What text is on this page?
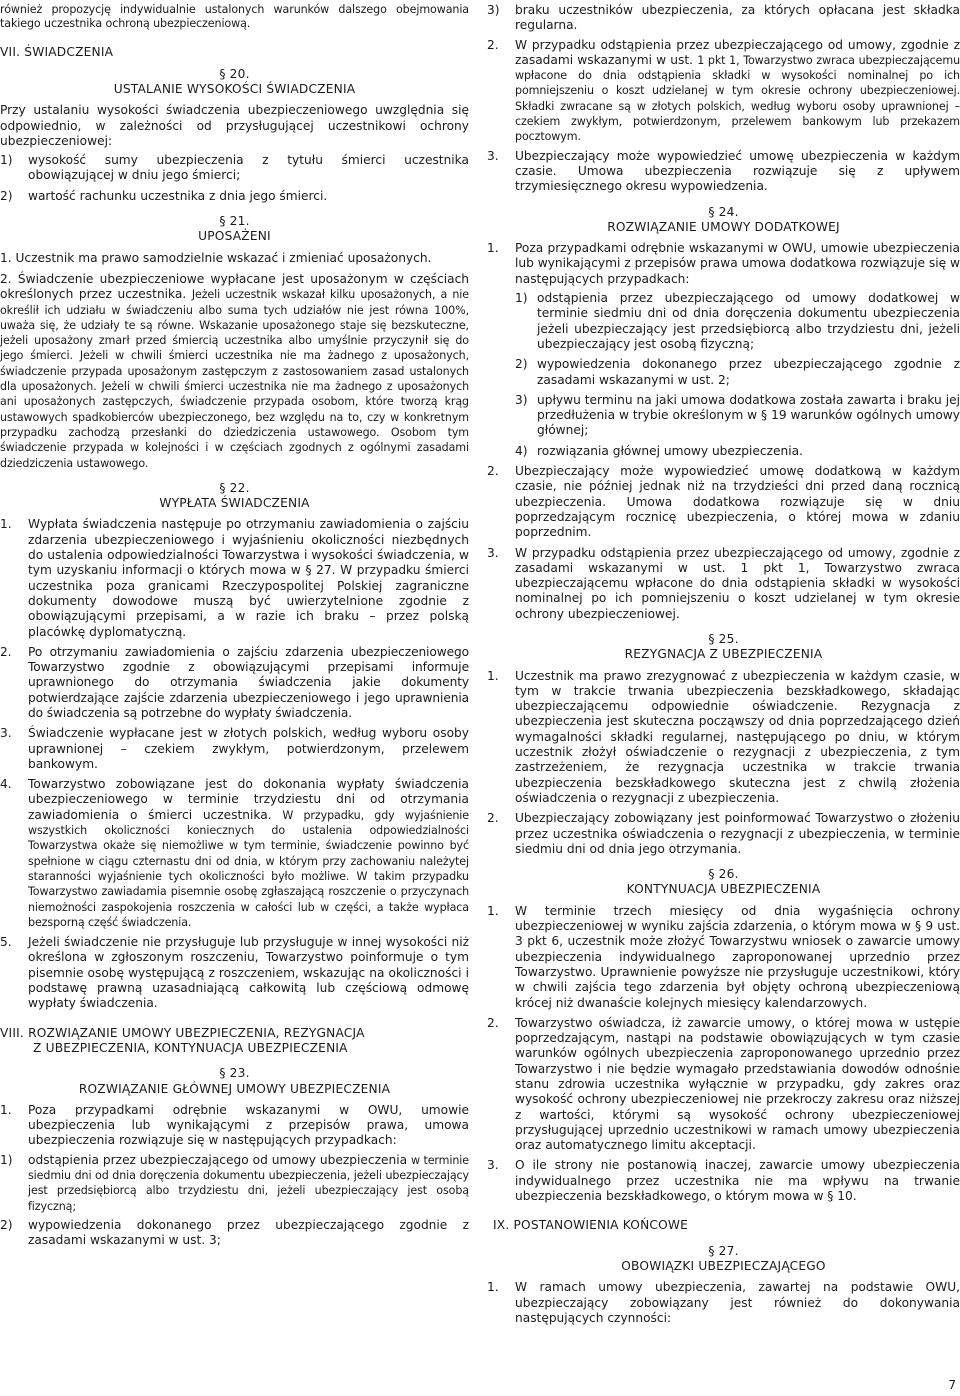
również propozycję indywidualnie ustalonych warunków dalszego obejmowania takiego uczestnika ochroną ubezpieczeniową.

VII. ŚWIADCZENIA

§ 20.

USTALANIE WYSOKOŚCI ŚWIADCZENIA

Przy ustalaniu wysokości świadczenia ubezpieczeniowego uwzględnia się odpowiednio, w zależności od przysługującej uczestnikowi ochrony ubezpieczeniowej:

1) wysokość sumy ubezpieczenia z tytułu śmierci uczestnika obowiązującej w dniu jego śmierci;
2) wartość rachunku uczestnika z dnia jego śmierci.

§ 21.

UPOSAŻENI

1. Uczestnik ma prawo samodzielnie wskazać i zmieniać uposażonych.

2. Świadczenie ubezpieczeniowe wypłacane jest uposażonym w częściach określonych przez uczestnika. Jeżeli uczestnik wskazał kilku uposażonych, a nie określił ich udziału w świadczeniu albo suma tych udziałów nie jest równa 100%, uważa się, że udziały te są równe. Wskazanie uposażonego staje się bezskuteczne, jeżeli uposażony zmarł przed śmiercią uczestnika albo umyślnie przyczynił się do jego śmierci. Jeżeli w chwili śmierci uczestnika nie ma żadnego z uposażonych, świadczenie przypada uposażonym zastępczym z zastosowaniem zasad ustalonych dla uposażonych. Jeżeli w chwili śmierci uczestnika nie ma żadnego z uposażonych ani uposażonych zastępczych, świadczenie przypada osobom, które tworzą krąg ustawowych spadkobierców ubezpieczonego, bez względu na to, czy w konkretnym przypadku zachodzą przesłanki do dziedziczenia ustawowego. Osobom tym świadczenie przypada w kolejności i w częściach zgodnych z ogólnymi zasadami dziedziczenia ustawowego.

§ 22.

WYPŁATA ŚWIADCZENIA

1. Wypłata świadczenia następuje po otrzymaniu zawiadomienia o zajściu zdarzenia ubezpieczeniowego i wyjaśnieniu okoliczności niezbędnych do ustalenia odpowiedzialności Towarzystwa i wysokości świadczenia, w tym uzyskaniu informacji o których mowa w § 27. W przypadku śmierci uczestnika poza granicami Rzeczypospolitej Polskiej zagraniczne dokumenty dowodowe muszą być uwierzytelnione zgodnie z obowiązującymi przepisami, a w razie ich braku – przez polską placówkę dyplomatyczną.
2. Po otrzymaniu zawiadomienia o zajściu zdarzenia ubezpieczeniowego Towarzystwo zgodnie z obowiązującymi przepisami informuje uprawnionego do otrzymania świadczenia jakie dokumenty potwierdzające zajście zdarzenia ubezpieczeniowego i jego uprawnienia do świadczenia są potrzebne do wypłaty świadczenia.
3. Świadczenie wypłacane jest w złotych polskich, według wyboru osoby uprawnionej – czekiem zwykłym, potwierdzonym, przelewem bankowym.
4. Towarzystwo zobowiązane jest do dokonania wypłaty świadczenia ubezpieczeniowego w terminie trzydziestu dni od otrzymania zawiadomienia o śmierci uczestnika. W przypadku, gdy wyjaśnienie wszystkich okoliczności koniecznych do ustalenia odpowiedzialności Towarzystwa okaże się niemożliwe w tym terminie, świadczenie powinno być spełnione w ciągu czternastu dni od dnia, w którym przy zachowaniu należytej staranności wyjaśnienie tych okoliczności było możliwe. W takim przypadku Towarzystwo zawiadamia pisemnie osobę zgłaszającą roszczenie o przyczynach niemożności zaspokojenia roszczenia w całości lub w części, a także wypłaca bezsporną część świadczenia.
5. Jeżeli świadczenie nie przysługuje lub przysługuje w innej wysokości niż określona w zgłoszonym roszczeniu, Towarzystwo poinformuje o tym pisemnie osobę występującą z roszczeniem, wskazując na okoliczności i podstawę prawną uzasadniającą całkowitą lub częściową odmowę wypłaty świadczenia.

VIII. ROZWIĄZANIE UMOWY UBEZPIECZENIA, REZYGNACJA

Z UBEZPIECZENIA, KONTYNUACJA UBEZPIECZENIA

§ 23.

ROZWIĄZANIE GŁÓWNEJ UMOWY UBEZPIECZENIA

1. Poza przypadkami odrębnie wskazanymi w OWU, umowie ubezpieczenia lub wynikającymi z przepisów prawa, umowa ubezpieczenia rozwiązuje się w następujących przypadkach:
1) odstąpienia przez ubezpieczającego od umowy ubezpieczenia w terminie siedmiu dni od dnia doręczenia dokumentu ubezpieczenia, jeżeli ubezpieczający jest przedsiębiorcą albo trzydziestu dni, jeżeli ubezpieczający jest osobą fizyczną;
2) wypowiedzenia dokonanego przez ubezpieczającego zgodnie z zasadami wskazanymi w ust. 3;
3) braku uczestników ubezpieczenia, za których opłacana jest składka regularna.
2. W przypadku odstąpienia przez ubezpieczającego od umowy, zgodnie z zasadami wskazanymi w ust. 1 pkt 1, Towarzystwo zwraca ubezpieczającemu wpłacone do dnia odstąpienia składki w wysokości nominalnej po ich pomniejszeniu o koszt udzielanej w tym okresie ochrony ubezpieczeniowej. Składki zwracane są w złotych polskich, według wyboru osoby uprawnionej – czekiem zwykłym, potwierdzonym, przelewem bankowym lub przekazem pocztowym.
3. Ubezpieczający może wypowiedzieć umowę ubezpieczenia w każdym czasie. Umowa ubezpieczenia rozwiązuje się z upływem trzymiesięcznego okresu wypowiedzenia.

§ 24.

ROZWIĄZANIE UMOWY DODATKOWEJ

1. Poza przypadkami odrębnie wskazanymi w OWU, umowie ubezpieczenia lub wynikającymi z przepisów prawa umowa dodatkowa rozwiązuje się w następujących przypadkach:
1) odstąpienia przez ubezpieczającego od umowy dodatkowej w terminie siedmiu dni od dnia doręczenia dokumentu ubezpieczenia jeżeli ubezpieczający jest przedsiębiorcą albo trzydziestu dni, jeżeli ubezpieczający jest osobą fizyczną;
2) wypowiedzenia dokonanego przez ubezpieczającego zgodnie z zasadami wskazanymi w ust. 2;
3) upływu terminu na jaki umowa dodatkowa została zawarta i braku jej przedłużenia w trybie określonym w § 19 warunków ogólnych umowy głównej;
4) rozwiązania głównej umowy ubezpieczenia.
2. Ubezpieczający może wypowiedzieć umowę dodatkową w każdym czasie, nie później jednak niż na trzydzieści dni przed daną rocznicą ubezpieczenia. Umowa dodatkowa rozwiązuje się w dniu poprzedzającym rocznicę ubezpieczenia, o której mowa w zdaniu poprzednim.
3. W przypadku odstąpienia przez ubezpieczającego od umowy, zgodnie z zasadami wskazanymi w ust. 1 pkt 1, Towarzystwo zwraca ubezpieczającemu wpłacone do dnia odstąpienia składki w wysokości nominalnej po ich pomniejszeniu o koszt udzielanej w tym okresie ochrony ubezpieczeniowej.

§ 25.

REZYGNACJA Z UBEZPIECZENIA

1. Uczestnik ma prawo zrezygnować z ubezpieczenia w każdym czasie, w tym w trakcie trwania ubezpieczenia bezskładkowego, składając ubezpieczającemu odpowiednie oświadczenie. Rezygnacja z ubezpieczenia jest skuteczna począwszy od dnia poprzedzającego dzień wymagalności składki regularnej, następującego po dniu, w którym uczestnik złożył oświadczenie o rezygnacji z ubezpieczenia, z tym zastrzeżeniem, że rezygnacja uczestnika w trakcie trwania ubezpieczenia bezskładkowego skuteczna jest z chwilą złożenia oświadczenia o rezygnacji z ubezpieczenia.
2. Ubezpieczający zobowiązany jest poinformować Towarzystwo o złożeniu przez uczestnika oświadczenia o rezygnacji z ubezpieczenia, w terminie siedmiu dni od dnia jego otrzymania.

§ 26.

KONTYNUACJA UBEZPIECZENIA

1. W terminie trzech miesięcy od dnia wygaśnięcia ochrony ubezpieczeniowej w wyniku zajścia zdarzenia, o którym mowa w § 9 ust. 3 pkt 6, uczestnik może złożyć Towarzystwu wniosek o zawarcie umowy ubezpieczenia indywidualnego zaproponowanej uprzednio przez Towarzystwo. Uprawnienie powyższe nie przysługuje uczestnikowi, który w chwili zajścia tego zdarzenia był objęty ochroną ubezpieczeniową krócej niż dwanaście kolejnych miesięcy kalendarzowych.
2. Towarzystwo oświadcza, iż zawarcie umowy, o której mowa w ustępie poprzedzającym, nastąpi na podstawie obowiązujących w tym czasie warunków ogólnych ubezpieczenia zaproponowanego uprzednio przez Towarzystwo i nie będzie wymagało przedstawiania dowodów odnośnie stanu zdrowia uczestnika wyłącznie w przypadku, gdy zakres oraz wysokość ochrony ubezpieczeniowej nie przekroczy zakresu oraz niższej z wartości, którymi są wysokość ochrony ubezpieczeniowej przysługującej uprzednio uczestnikowi w ramach umowy ubezpieczenia oraz automatycznego limitu akceptacji.
3. O ile strony nie postanowią inaczej, zawarcie umowy ubezpieczenia indywidualnego przez uczestnika nie ma wpływu na trwanie ubezpieczenia bezskładkowego, o którym mowa w § 10.

IX. POSTANOWIENIA KOŃCOWE

§ 27.

OBOWIĄZKI UBEZPIECZAJĄCEGO

1. W ramach umowy ubezpieczenia, zawartej na podstawie OWU, ubezpieczający zobowiązany jest również do dokonywania następujących czynności:
7
